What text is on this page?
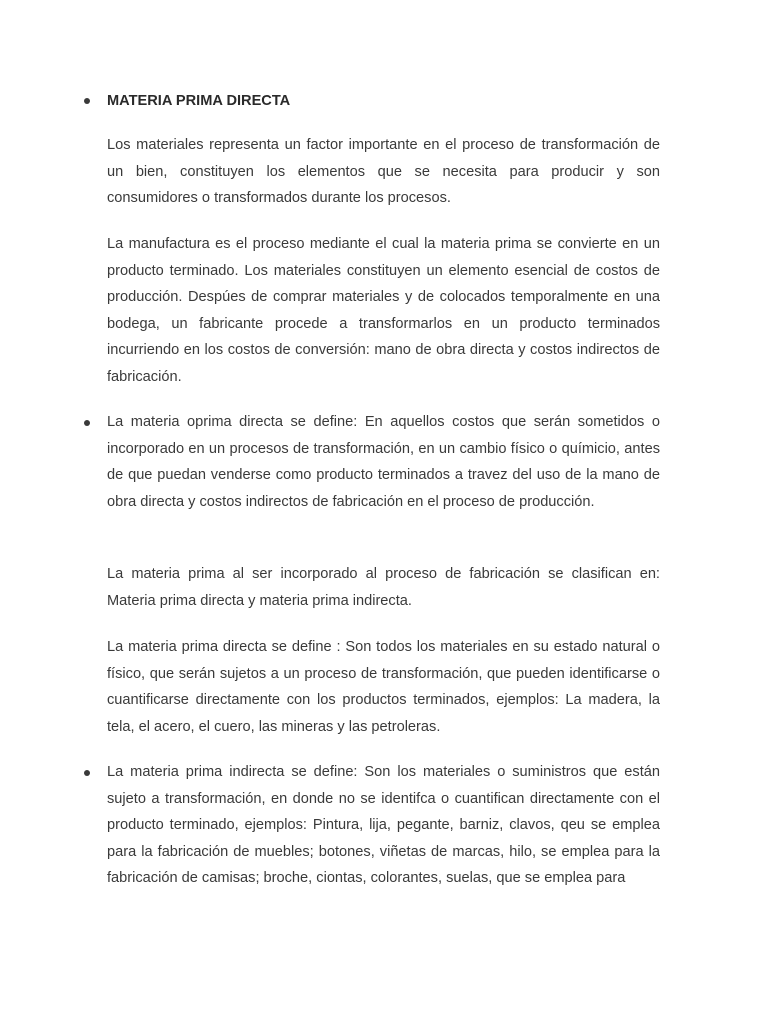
MATERIA PRIMA DIRECTA

Los materiales representa un factor importante en el proceso de transformación de un bien, constituyen los elementos que se necesita para producir y son consumidores o transformados durante los procesos.

La manufactura es el proceso mediante el cual la materia prima se convierte en un producto terminado. Los materiales constituyen un elemento esencial de costos de producción. Despúes de comprar materiales y de colocados temporalmente en una bodega, un fabricante procede a transformarlos en un producto terminados incurriendo en los costos de conversión: mano de obra directa y costos indirectos de fabricación.

La materia oprima directa se define: En aquellos costos que serán sometidos o incorporado en un procesos de transformación, en un cambio físico o químicio, antes de que puedan venderse como producto terminados a travez del uso de la mano de obra directa y costos indirectos de fabricación en el proceso de producción.

La materia prima al ser incorporado al proceso de fabricación se clasifican en: Materia prima directa y materia prima indirecta.

La materia prima directa se define : Son todos los materiales en su estado natural o físico, que serán sujetos a un proceso de transformación, que pueden identificarse o cuantificarse directamente con los productos terminados, ejemplos: La madera, la tela, el acero, el cuero, las mineras y las petroleras.

La materia prima indirecta se define: Son los materiales o suministros que están sujeto a transformación, en donde no se identifca o cuantifican directamente con el producto terminado, ejemplos: Pintura, lija, pegante, barniz, clavos, qeu se emplea para la fabricación de muebles; botones, viñetas de marcas, hilo, se emplea para la fabricación de camisas; broche, ciontas, colorantes, suelas, que se emplea para
